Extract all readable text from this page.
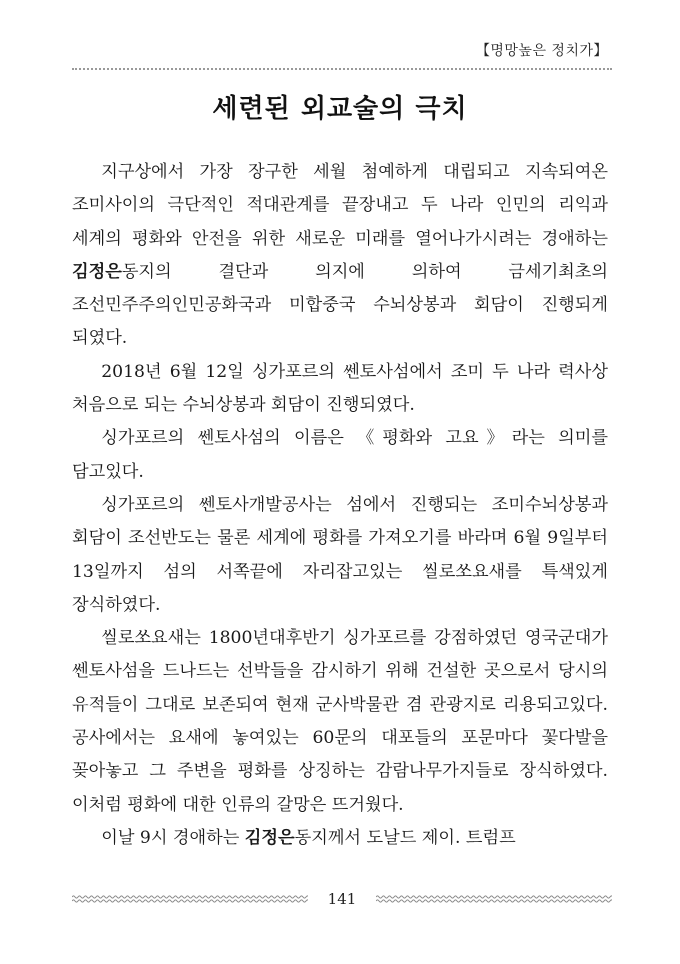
【명망높은 정치가】
세련된 외교술의 극치

지구상에서 가장 장구한 세월 첨예하게 대립되고 지속되여온 조미사이의 극단적인 적대관계를 끝장내고 두 나라 인민의 리익과 세계의 평화와 안전을 위한 새로운 미래를 열어나가시려는 경애하는 김정은동지의 결단과 의지에 의하여 금세기최초의 조선민주주의인민공화국과 미합중국 수뇌상봉과 회담이 진행되게 되였다.

2018년 6월 12일 싱가포르의 쎈토사섬에서 조미 두 나라 력사상 처음으로 되는 수뇌상봉과 회담이 진행되였다.

싱가포르의 쎈토사섬의 이름은 《평화와 고요》라는 의미를 담고있다.

싱가포르의 쎈토사개발공사는 섬에서 진행되는 조미수뇌상봉과 회담이 조선반도는 물론 세계에 평화를 가져오기를 바라며 6월 9일부터 13일까지 섬의 서쪽끝에 자리잡고있는 씰로쏘요새를 특색있게 장식하였다.

씰로쏘요새는 1800년대후반기 싱가포르를 강점하였던 영국군대가 쎈토사섬을 드나드는 선박들을 감시하기 위해 건설한 곳으로서 당시의 유적들이 그대로 보존되여 현재 군사박물관 겸 관광지로 리용되고있다. 공사에서는 요새에 놓여있는 60문의 대포들의 포문마다 꽃다발을 꽂아놓고 그 주변을 평화를 상징하는 감람나무가지들로 장식하였다. 이처럼 평화에 대한 인류의 갈망은 뜨거웠다.

이날 9시 경애하는 김정은동지께서 도날드 제이. 트럼프

141
